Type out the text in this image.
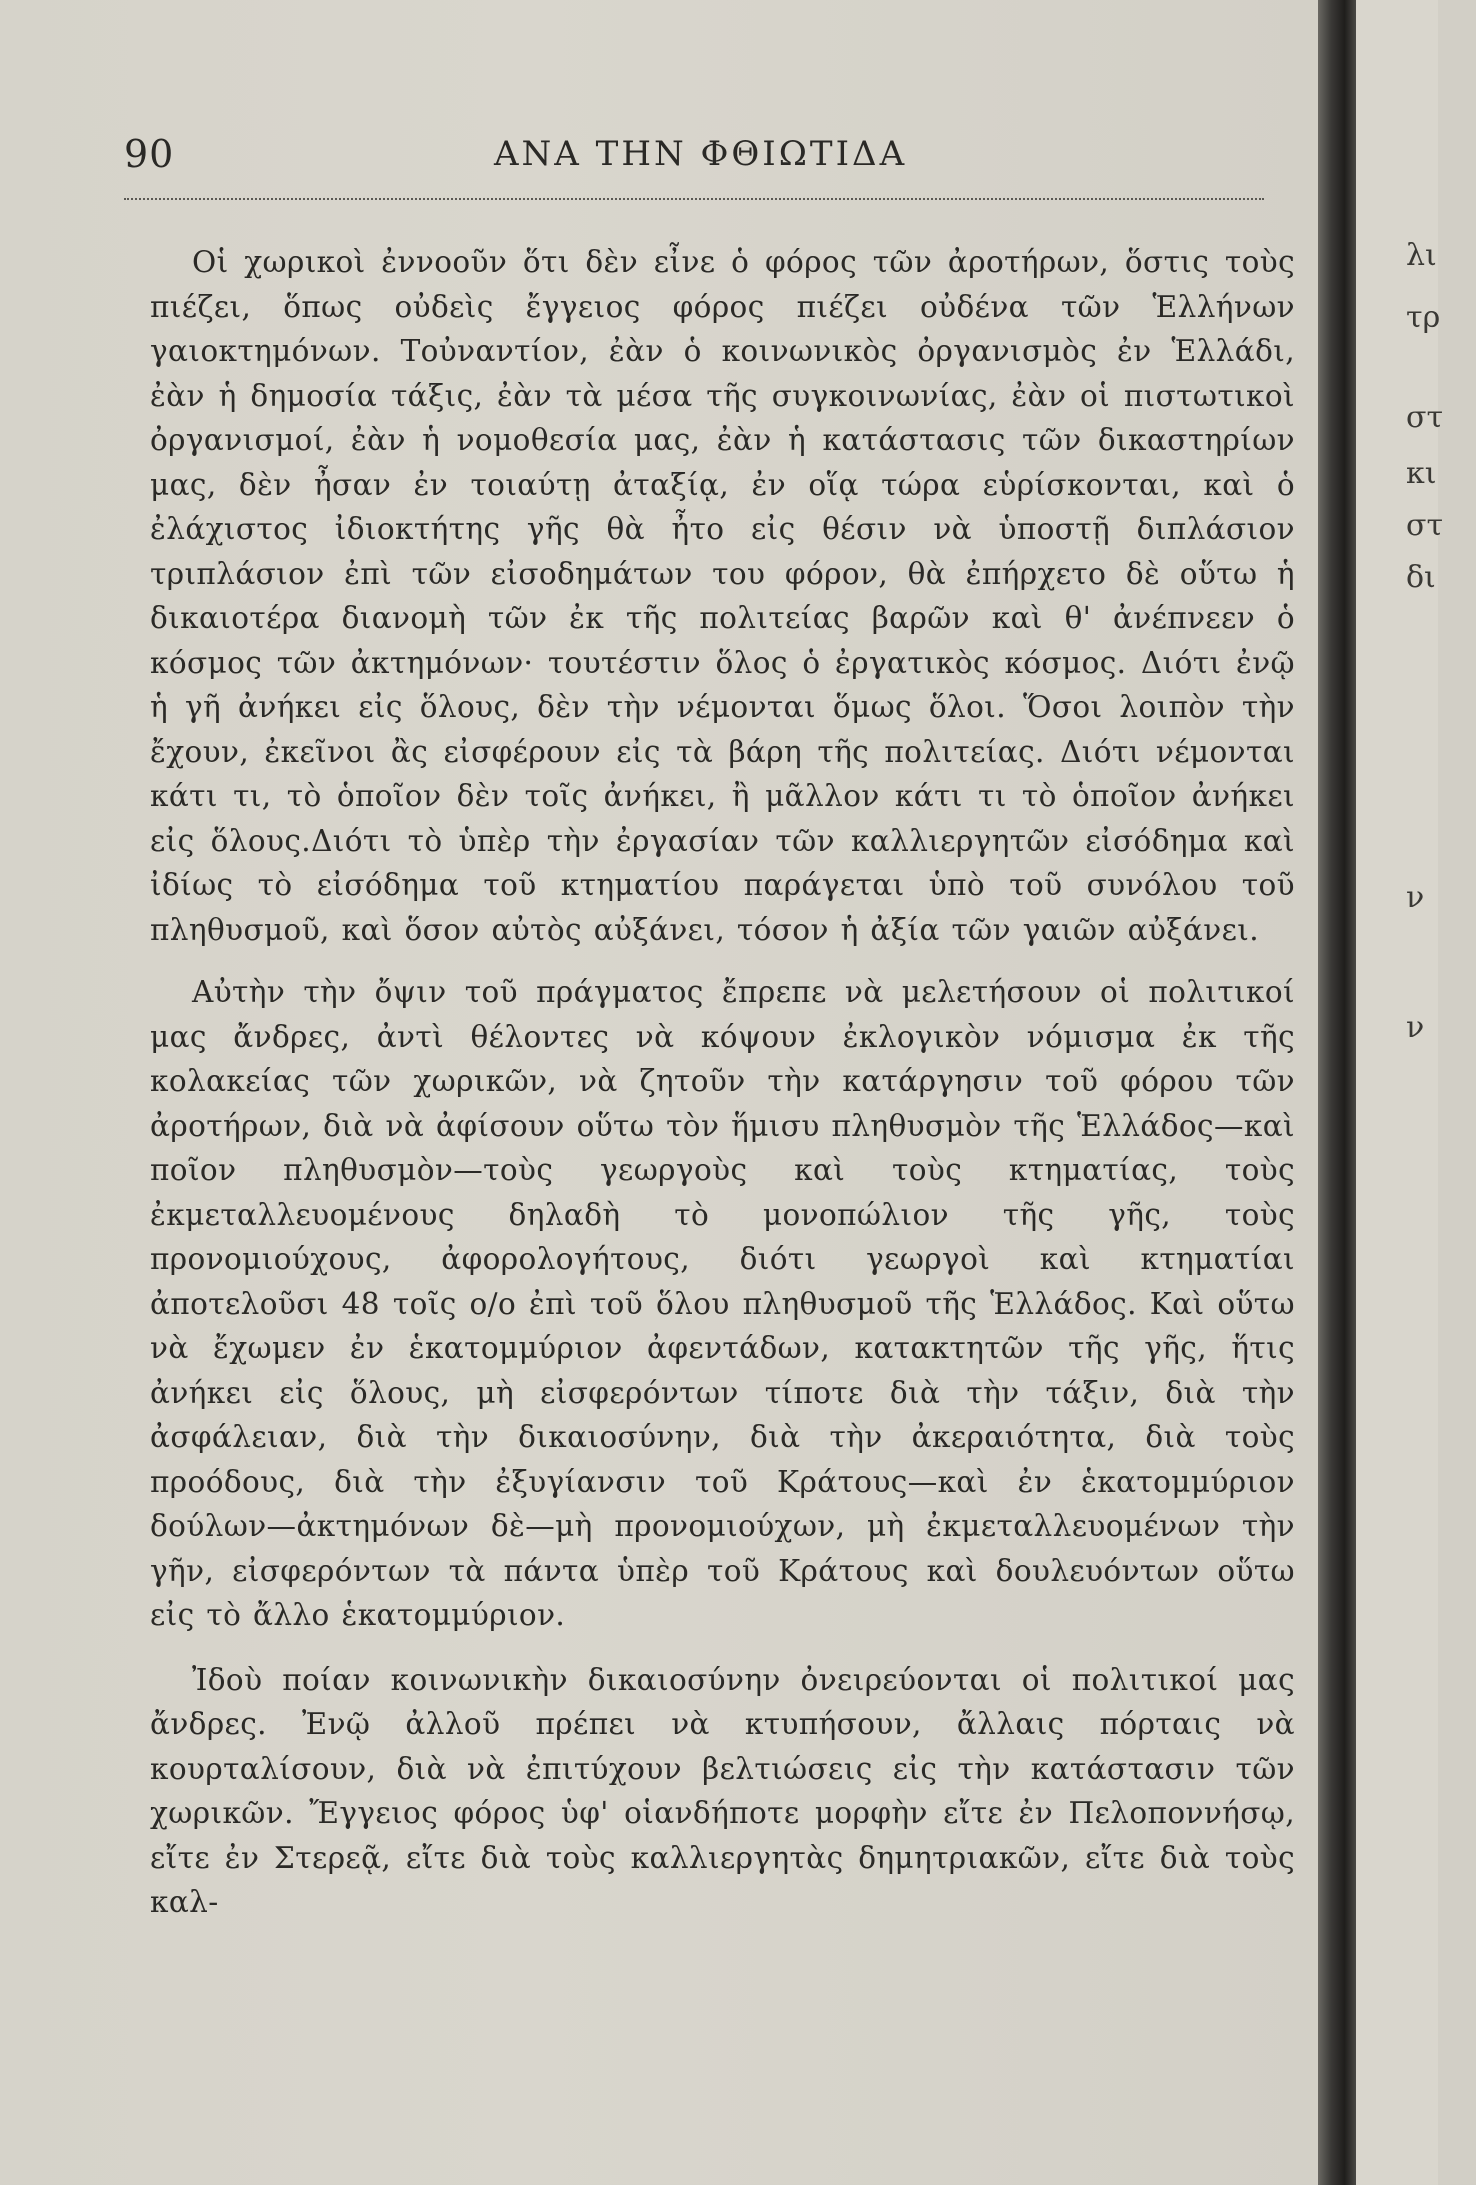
90	ΑΝΑ ΤΗΝ ΦΘΙΩΤΙΔΑ

Οἱ χωρικοὶ ἐννοοῦν ὅτι δὲν εἶνε ὁ φόρος τῶν ἀροτήρων, ὅστις τοὺς πιέζει, ὅπως οὐδεὶς ἔγγειος φόρος πιέζει οὐδένα τῶν Ἑλλήνων γαιοκτημόνων. Τοὐναντίον, ἐὰν ὁ κοινωνικὸς ὀργανισμὸς ἐν Ἑλλάδι, ἐὰν ἡ δημοσία τάξις, ἐὰν τὰ μέσα τῆς συγκοινωνίας, ἐὰν οἱ πιστωτικοὶ ὀργανισμοί, ἐὰν ἡ νομοθεσία μας, ἐὰν ἡ κατάστασις τῶν δικαστηρίων μας, δὲν ἦσαν ἐν τοιαύτῃ ἀταξίᾳ, ἐν οἵᾳ τώρα εὑρίσκονται, καὶ ὁ ἐλάχιστος ἰδιοκτήτης γῆς θὰ ἦτο εἰς θέσιν νὰ ὑποστῇ διπλάσιον τριπλάσιον ἐπὶ τῶν εἰσοδημάτων του φόρον, θὰ ἐπήρχετο δὲ οὕτω ἡ δικαιοτέρα διανομὴ τῶν ἐκ τῆς πολιτείας βαρῶν καὶ θ' ἀνέπνεεν ὁ κόσμος τῶν ἀκτημόνων· τουτέστιν ὅλος ὁ ἐργατικὸς κόσμος. Διότι ἐνῷ ἡ γῆ ἀνήκει εἰς ὅλους, δὲν τὴν νέμονται ὅμως ὅλοι. Ὅσοι λοιπὸν τὴν ἔχουν, ἐκεῖνοι ἂς εἰσφέρουν εἰς τὰ βάρη τῆς πολιτείας. Διότι νέμονται κάτι τι, τὸ ὁποῖον δὲν τοῖς ἀνήκει, ἢ μᾶλλον κάτι τι τὸ ὁποῖον ἀνήκει εἰς ὅλους.Διότι τὸ ὑπὲρ τὴν ἐργασίαν τῶν καλλιεργητῶν εἰσόδημα καὶ ἰδίως τὸ εἰσόδημα τοῦ κτηματίου παράγεται ὑπὸ τοῦ συνόλου τοῦ πληθυσμοῦ, καὶ ὅσον αὐτὸς αὐξάνει, τόσον ἡ ἀξία τῶν γαιῶν αὐξάνει.

Αὐτὴν τὴν ὄψιν τοῦ πράγματος ἔπρεπε νὰ μελετήσουν οἱ πολιτικοί μας ἄνδρες, ἀντὶ θέλοντες νὰ κόψουν ἐκλογικὸν νόμισμα ἐκ τῆς κολακείας τῶν χωρικῶν, νὰ ζητοῦν τὴν κατάργησιν τοῦ φόρου τῶν ἀροτήρων, διὰ νὰ ἀφίσουν οὕτω τὸν ἥμισυ πληθυσμὸν τῆς Ἑλλάδος—καὶ ποῖον πληθυσμὸν—τοὺς γεωργοὺς καὶ τοὺς κτηματίας, τοὺς ἐκμεταλλευομένους δηλαδὴ τὸ μονοπώλιον τῆς γῆς, τοὺς προνομιούχους, ἀφορολογήτους, διότι γεωργοὶ καὶ κτηματίαι ἀποτελοῦσι 48 τοῖς ο/ο ἐπὶ τοῦ ὅλου πληθυσμοῦ τῆς Ἑλλάδος. Καὶ οὕτω νὰ ἔχωμεν ἐν ἑκατομμύριον ἀφεντάδων, κατακτητῶν τῆς γῆς, ἥτις ἀνήκει εἰς ὅλους, μὴ εἰσφερόντων τίποτε διὰ τὴν τάξιν, διὰ τὴν ἀσφάλειαν, διὰ τὴν δικαιοσύνην, διὰ τὴν ἀκεραιότητα, διὰ τοὺς προόδους, διὰ τὴν ἐξυγίανσιν τοῦ Κράτους—καὶ ἐν ἑκατομμύριον δούλων—ἀκτημόνων δὲ—μὴ προνομιούχων, μὴ ἐκμεταλλευομένων τὴν γῆν, εἰσφερόντων τὰ πάντα ὑπὲρ τοῦ Κράτους καὶ δουλευόντων οὕτω εἰς τὸ ἄλλο ἑκατομμύριον.

Ἰδοὺ ποίαν κοινωνικὴν δικαιοσύνην ὀνειρεύονται οἱ πολιτικοί μας ἄνδρες. Ἐνῷ ἀλλοῦ πρέπει νὰ κτυπήσουν, ἄλλαις πόρταις νὰ κουρταλίσουν, διὰ νὰ ἐπιτύχουν βελτιώσεις εἰς τὴν κατάστασιν τῶν χωρικῶν. Ἔγγειος φόρος ὑφ' οἱανδήποτε μορφὴν εἴτε ἐν Πελοποννήσῳ, εἴτε ἐν Στερεᾷ, εἴτε διὰ τοὺς καλλιεργητὰς δημητριακῶν, εἴτε διὰ τοὺς καλ-

λι
τρ
στ
κι
στ
δι
ν
ν
